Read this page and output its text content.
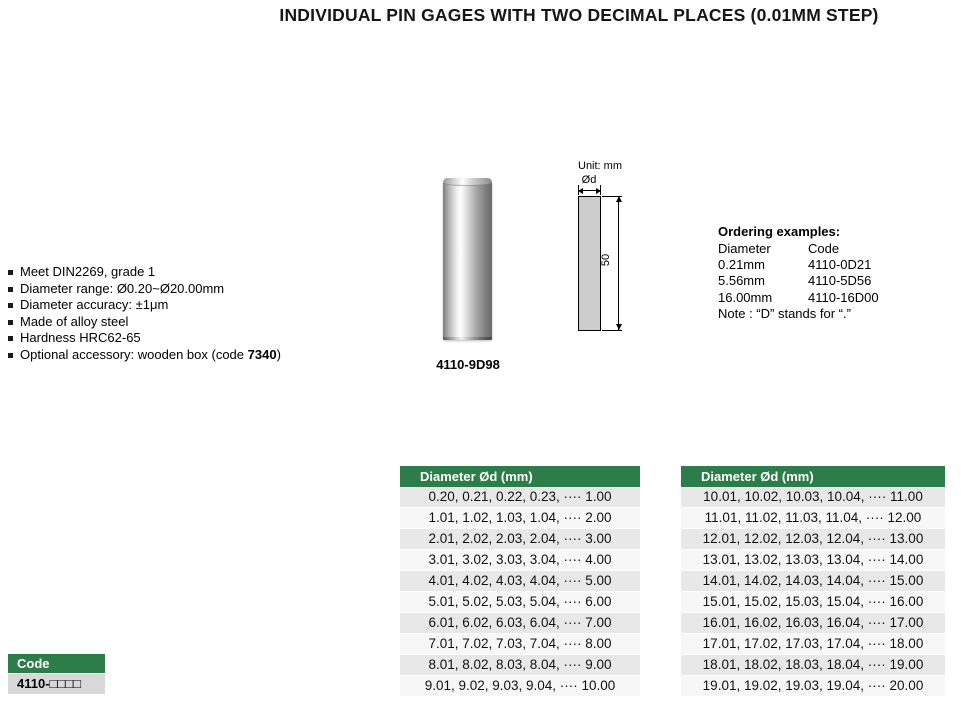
INDIVIDUAL PIN GAGES WITH TWO DECIMAL PLACES (0.01MM STEP)
Meet DIN2269, grade 1
Diameter range: Ø0.20~Ø20.00mm
Diameter accuracy: ±1μm
Made of alloy steel
Hardness HRC62-65
Optional accessory: wooden box (code 7340)
4110-9D98
Unit: mm
Ød
50
Ordering examples:
Diameter	Code
0.21mm	4110-0D21
5.56mm	4110-5D56
16.00mm	4110-16D00
Note : “D” stands for “.”
Diameter Ød (mm)
0.20, 0.21, 0.22, 0.23, ···· 1.00
1.01, 1.02, 1.03, 1.04, ···· 2.00
2.01, 2.02, 2.03, 2.04, ···· 3.00
3.01, 3.02, 3.03, 3.04, ···· 4.00
4.01, 4.02, 4.03, 4.04, ···· 5.00
5.01, 5.02, 5.03, 5.04, ···· 6.00
6.01, 6.02, 6.03, 6.04, ···· 7.00
7.01, 7.02, 7.03, 7.04, ···· 8.00
8.01, 8.02, 8.03, 8.04, ···· 9.00
9.01, 9.02, 9.03, 9.04, ···· 10.00
Diameter Ød (mm)
10.01, 10.02, 10.03, 10.04, ···· 11.00
11.01, 11.02, 11.03, 11.04, ···· 12.00
12.01, 12.02, 12.03, 12.04, ···· 13.00
13.01, 13.02, 13.03, 13.04, ···· 14.00
14.01, 14.02, 14.03, 14.04, ···· 15.00
15.01, 15.02, 15.03, 15.04, ···· 16.00
16.01, 16.02, 16.03, 16.04, ···· 17.00
17.01, 17.02, 17.03, 17.04, ···· 18.00
18.01, 18.02, 18.03, 18.04, ···· 19.00
19.01, 19.02, 19.03, 19.04, ···· 20.00
Code
4110-□□□□
